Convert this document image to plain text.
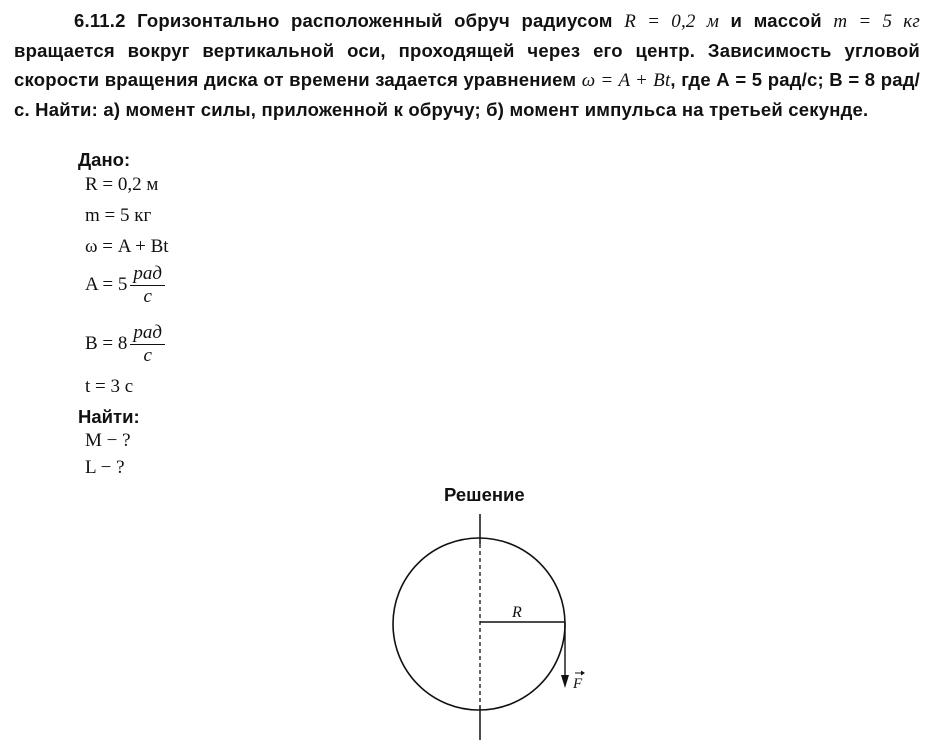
6.11.2 Горизонтально расположенный обруч радиусом R = 0,2 м и массой m = 5 кг вращается вокруг вертикальной оси, проходящей через его центр. Зависимость угловой скорости вращения диска от времени задается уравнением ω = A + Bt, где А = 5 рад/с; В = 8 рад/с. Найти: а) момент силы, приложенной к обручу; б) момент импульса на третьей секунде.
Дано:
R = 0,2 м
m = 5 кг
ω = A + Bt
$A = 5 \frac{\text{рад}}{c}$
$B = 8 \frac{\text{рад}}{c}$
t = 3 c
Найти:
M − ?
L − ?
Решение
R
F
